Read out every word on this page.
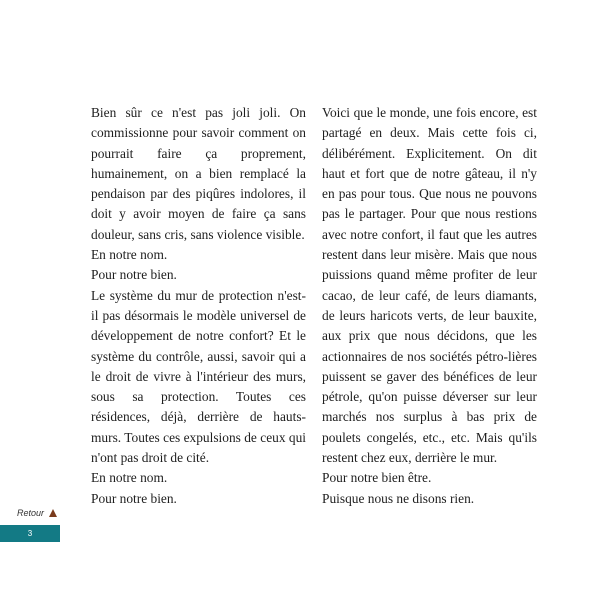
Bien sûr ce n'est pas joli joli. On commissionne pour savoir comment on pourrait faire ça proprement, humainement, on a bien remplacé la pendaison par des piqûres indolores, il doit y avoir moyen de faire ça sans douleur, sans cris, sans violence visible.

En notre nom.

Pour notre bien.

Le système du mur de protection n'est-il pas désormais le modèle universel de développement de notre confort? Et le système du contrôle, aussi, savoir qui a le droit de vivre à l'intérieur des murs, sous sa protection. Toutes ces résidences, déjà, derrière de hauts-murs. Toutes ces expulsions de ceux qui n'ont pas droit de cité.

En notre nom.

Pour notre bien.

Voici que le monde, une fois encore, est partagé en deux. Mais cette fois ci, délibérément. Explicitement. On dit haut et fort que de notre gâteau, il n'y en pas pour tous. Que nous ne pouvons pas le partager. Pour que nous restions avec notre confort, il faut que les autres restent dans leur misère. Mais que nous puissions quand même profiter de leur cacao, de leur café, de leurs diamants, de leurs haricots verts, de leur bauxite, aux prix que nous décidons, que les actionnaires de nos sociétés pétro-lières puissent se gaver des bénéfices de leur pétrole, qu'on puisse déverser sur leur marchés nos surplus à bas prix de poulets congelés, etc., etc. Mais qu'ils restent chez eux, derrière le mur.

Pour notre bien être.

Puisque nous ne disons rien.

Retour
3
